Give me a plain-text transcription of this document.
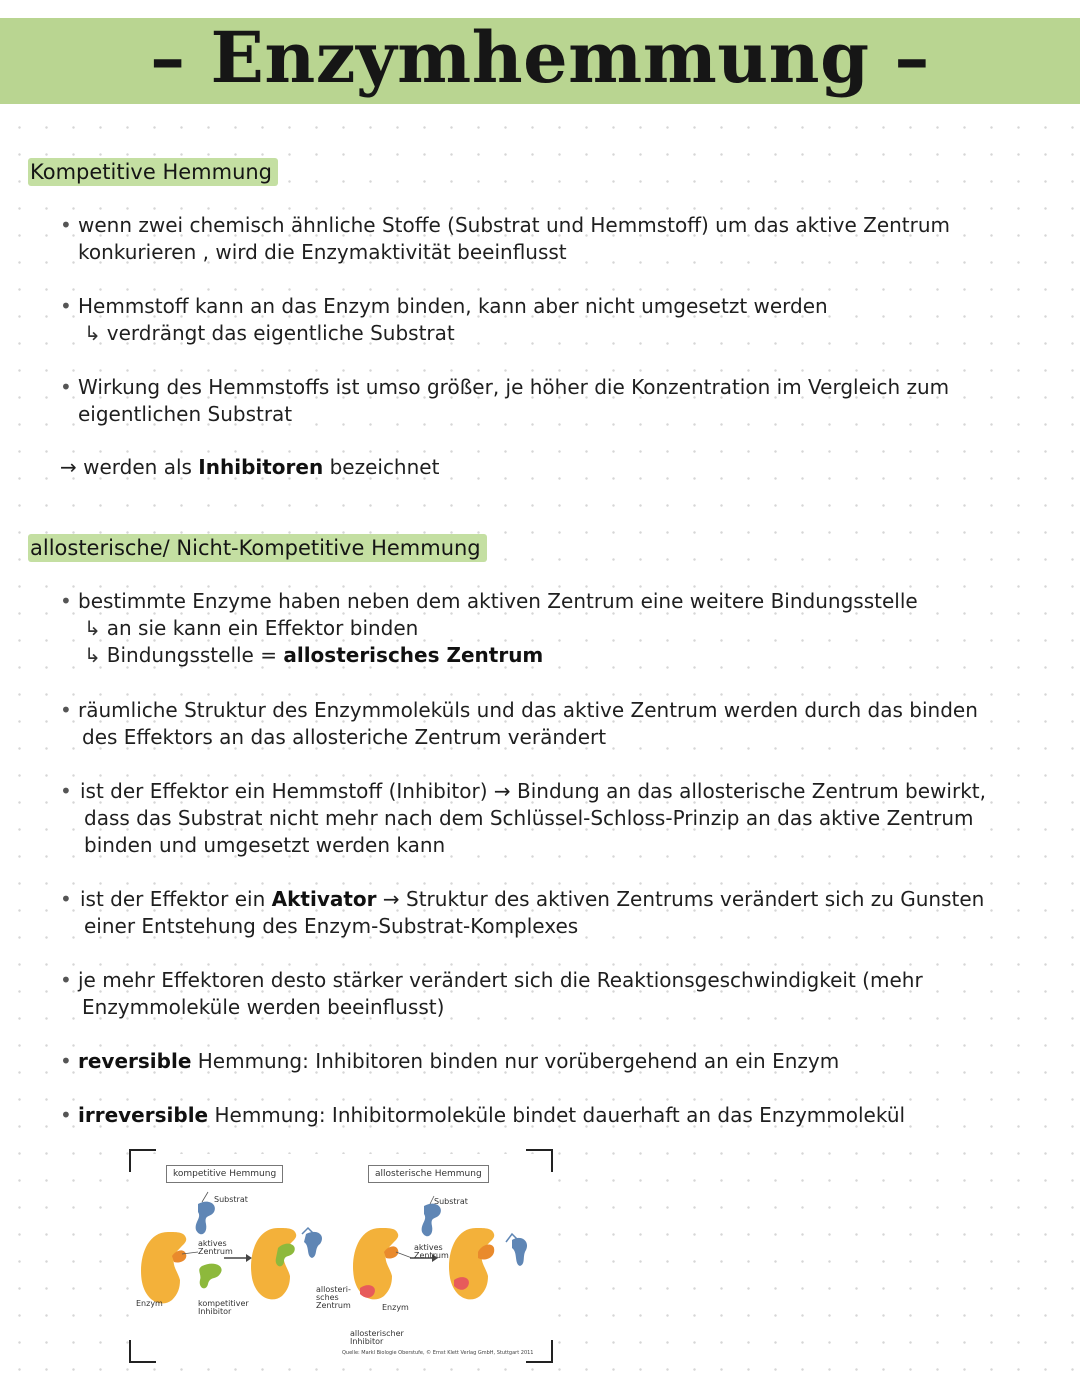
– Enzymhemmung –
Kompetitive Hemmung
• wenn zwei chemisch ähnliche Stoffe (Substrat und Hemmstoff) um das aktive Zentrum
konkurieren , wird die Enzymaktivität beeinflusst
• Hemmstoff kann an das Enzym binden, kann aber nicht umgesetzt werden
↳ verdrängt das eigentliche Substrat
• Wirkung des Hemmstoffs ist umso größer, je höher die Konzentration im Vergleich zum
eigentlichen Substrat
→ werden als Inhibitoren bezeichnet
allosterische/ Nicht-Kompetitive Hemmung
• bestimmte Enzyme haben neben dem aktiven Zentrum eine weitere Bindungsstelle
↳ an sie kann ein Effektor binden
↳ Bindungsstelle = allosterisches Zentrum
• räumliche Struktur des Enzymmoleküls und das aktive Zentrum werden durch das binden
des Effektors an das allosteriche Zentrum verändert
• ist der Effektor ein Hemmstoff (Inhibitor) → Bindung an das allosterische Zentrum bewirkt,
dass das Substrat nicht mehr nach dem Schlüssel-Schloss-Prinzip an das aktive Zentrum
binden und umgesetzt werden kann
• ist der Effektor ein Aktivator → Struktur des aktiven Zentrums verändert sich zu Gunsten
einer Entstehung des Enzym-Substrat-Komplexes
• je mehr Effektoren desto stärker verändert sich die Reaktionsgeschwindigkeit (mehr
Enzymmoleküle werden beeinflusst)
• reversible Hemmung: Inhibitoren binden nur vorübergehend an ein Enzym
• irreversible Hemmung: Inhibitormoleküle bindet dauerhaft an das Enzymmolekül
kompetitive Hemmung	allosterische Hemmung
Substrat	Substrat
aktives Zentrum	aktives Zentrum
Enzym	Enzym
kompetitiver Inhibitor
allosteri-sches Zentrum
allosterischer Inhibitor
Quelle: Markl Biologie Oberstufe, © Ernst Klett Verlag GmbH, Stuttgart 2011
